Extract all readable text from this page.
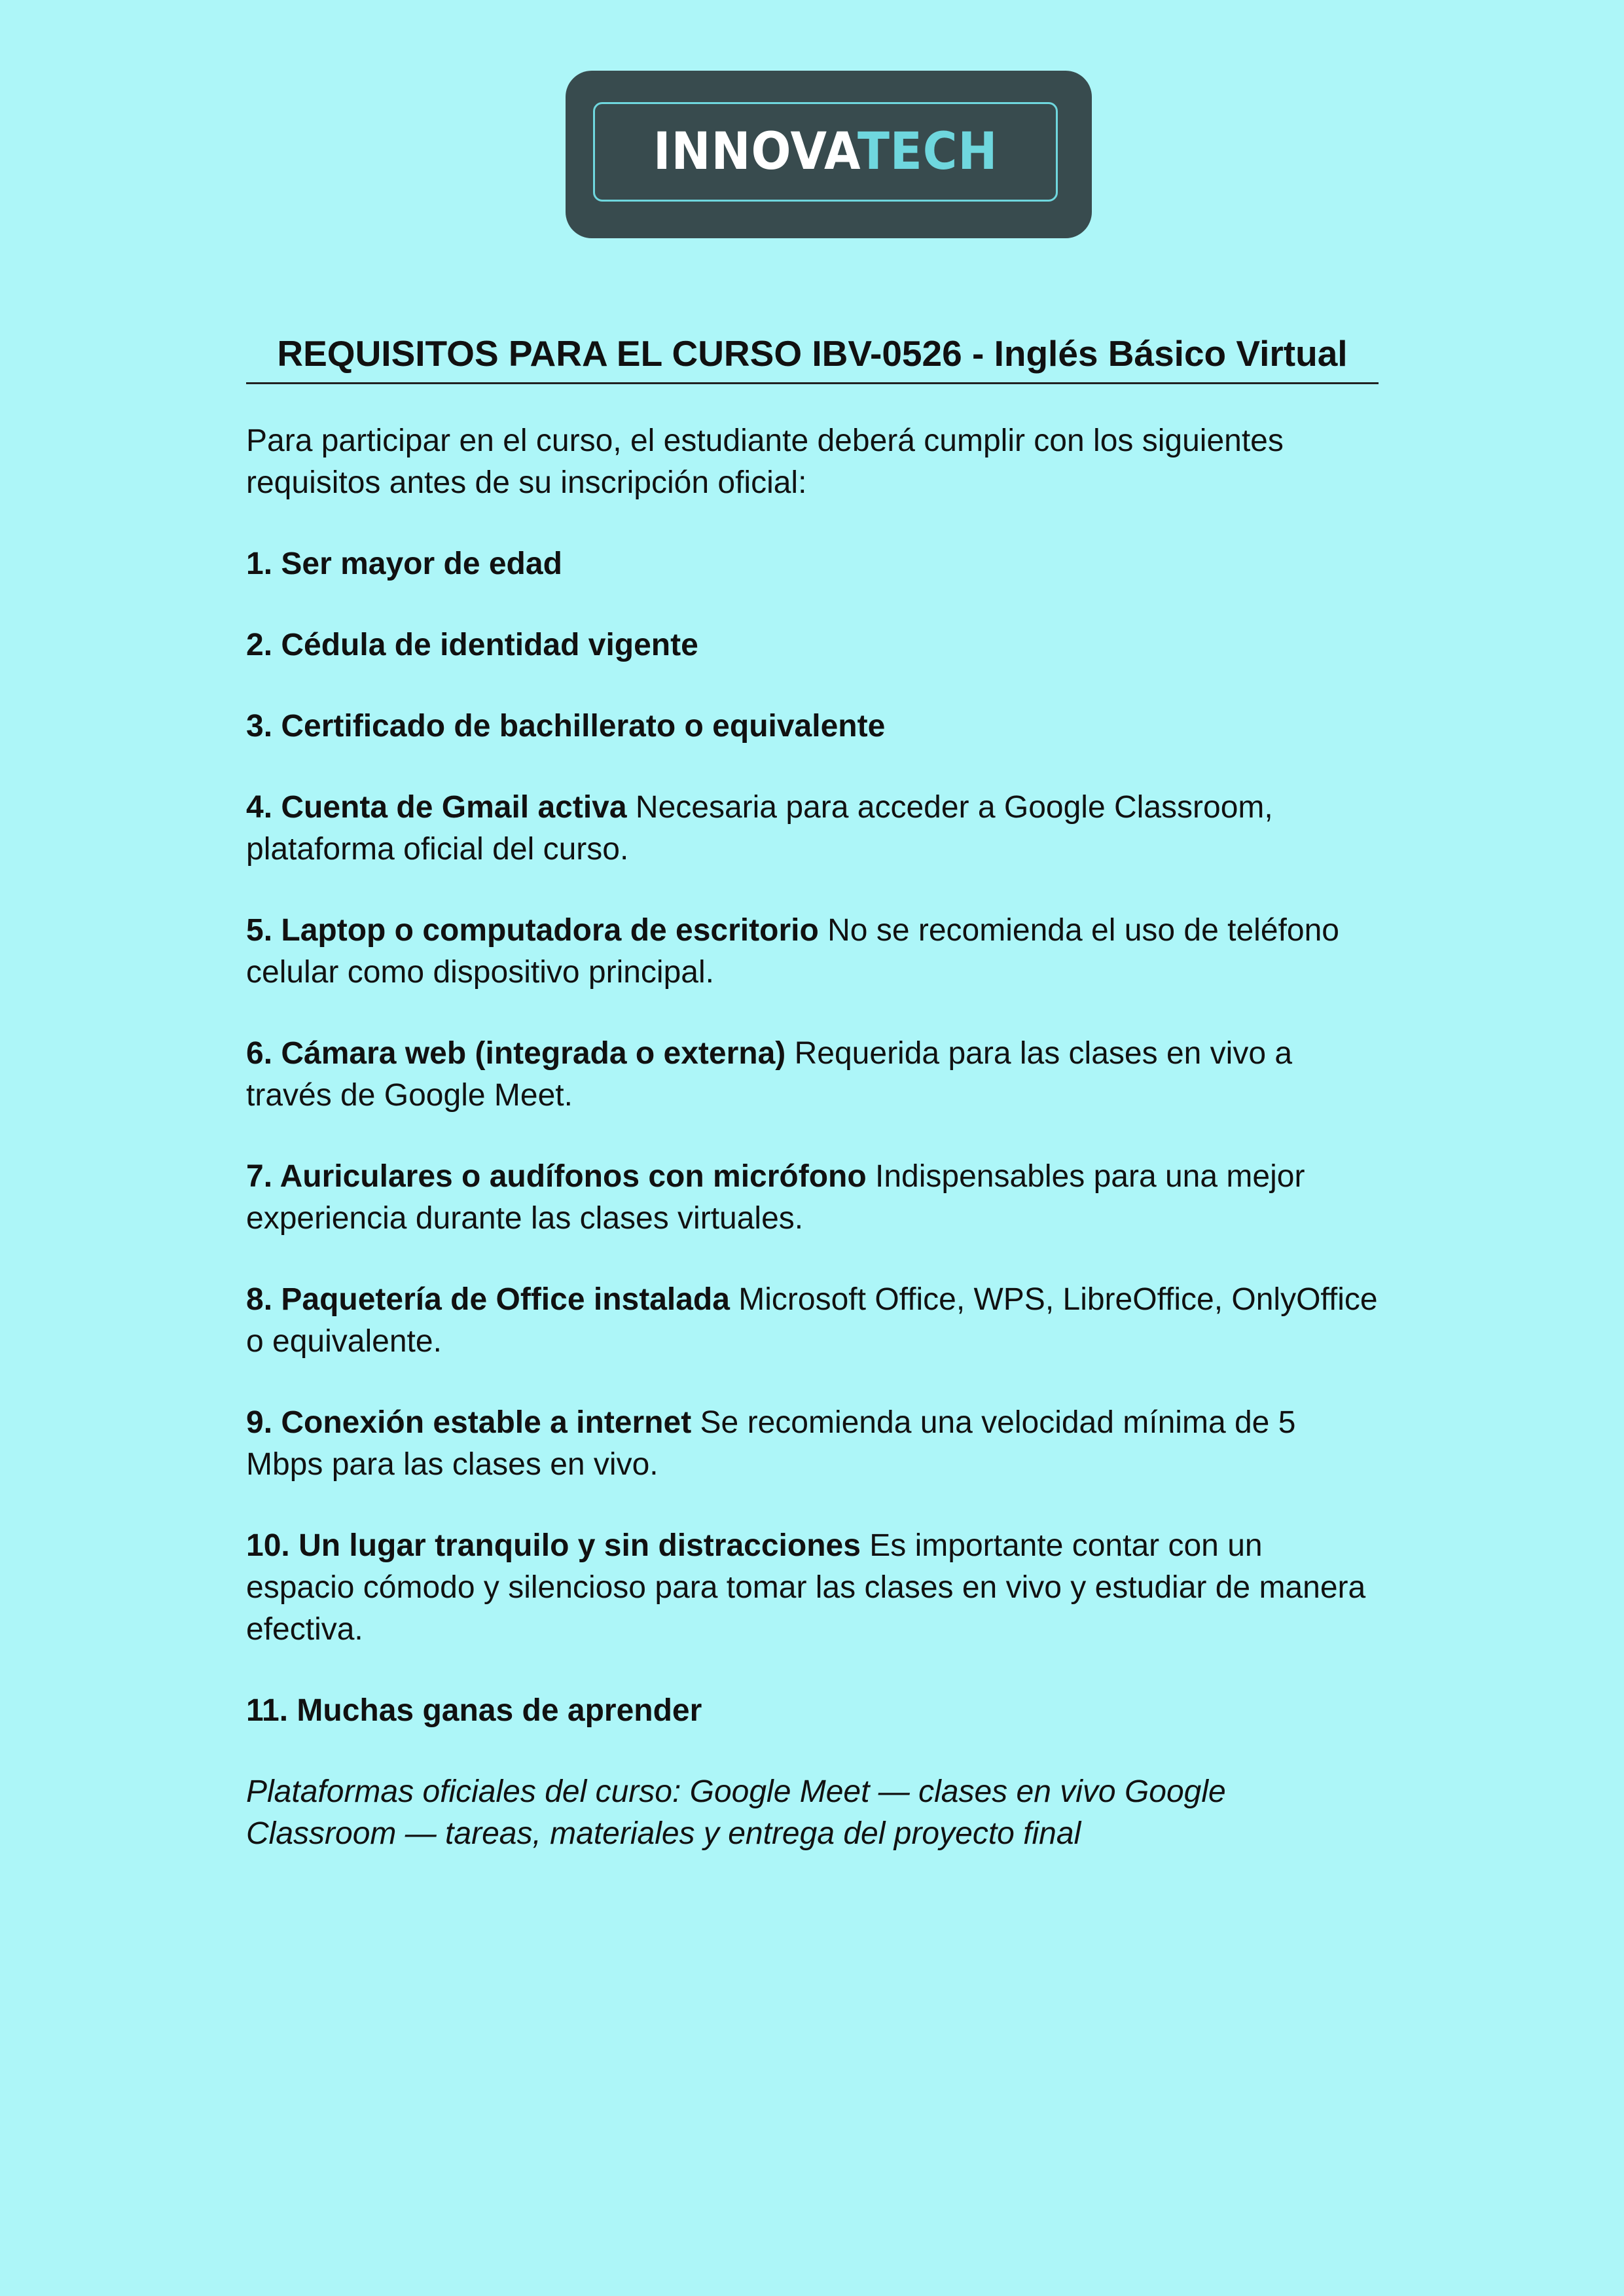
INNOVATECH
REQUISITOS PARA EL CURSO IBV-0526 - Inglés Básico Virtual

Para participar en el curso, el estudiante deberá cumplir con los siguientes requisitos antes de su inscripción oficial:

1. Ser mayor de edad

2. Cédula de identidad vigente

3. Certificado de bachillerato o equivalente

4. Cuenta de Gmail activa Necesaria para acceder a Google Classroom, plataforma oficial del curso.

5. Laptop o computadora de escritorio No se recomienda el uso de teléfono celular como dispositivo principal.

6. Cámara web (integrada o externa) Requerida para las clases en vivo a través de Google Meet.

7. Auriculares o audífonos con micrófono Indispensables para una mejor experiencia durante las clases virtuales.

8. Paquetería de Office instalada Microsoft Office, WPS, LibreOffice, OnlyOffice o equivalente.

9. Conexión estable a internet Se recomienda una velocidad mínima de 5 Mbps para las clases en vivo.

10. Un lugar tranquilo y sin distracciones Es importante contar con un espacio cómodo y silencioso para tomar las clases en vivo y estudiar de manera efectiva.

11. Muchas ganas de aprender

Plataformas oficiales del curso: Google Meet — clases en vivo Google Classroom — tareas, materiales y entrega del proyecto final
